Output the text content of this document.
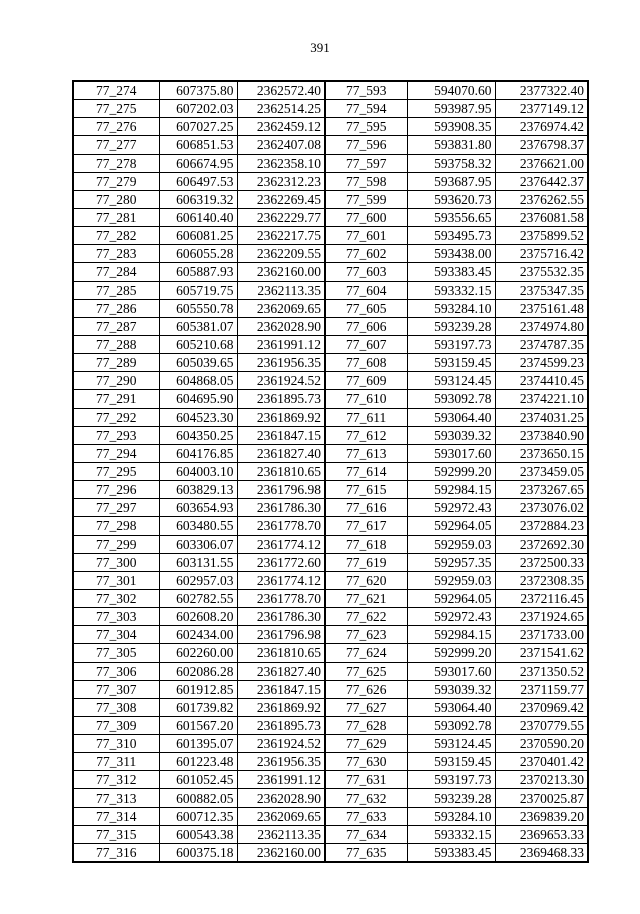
391
77_274	607375.80	2362572.40	77_593	594070.60	2377322.40
77_275	607202.03	2362514.25	77_594	593987.95	2377149.12
77_276	607027.25	2362459.12	77_595	593908.35	2376974.42
77_277	606851.53	2362407.08	77_596	593831.80	2376798.37
77_278	606674.95	2362358.10	77_597	593758.32	2376621.00
77_279	606497.53	2362312.23	77_598	593687.95	2376442.37
77_280	606319.32	2362269.45	77_599	593620.73	2376262.55
77_281	606140.40	2362229.77	77_600	593556.65	2376081.58
77_282	606081.25	2362217.75	77_601	593495.73	2375899.52
77_283	606055.28	2362209.55	77_602	593438.00	2375716.42
77_284	605887.93	2362160.00	77_603	593383.45	2375532.35
77_285	605719.75	2362113.35	77_604	593332.15	2375347.35
77_286	605550.78	2362069.65	77_605	593284.10	2375161.48
77_287	605381.07	2362028.90	77_606	593239.28	2374974.80
77_288	605210.68	2361991.12	77_607	593197.73	2374787.35
77_289	605039.65	2361956.35	77_608	593159.45	2374599.23
77_290	604868.05	2361924.52	77_609	593124.45	2374410.45
77_291	604695.90	2361895.73	77_610	593092.78	2374221.10
77_292	604523.30	2361869.92	77_611	593064.40	2374031.25
77_293	604350.25	2361847.15	77_612	593039.32	2373840.90
77_294	604176.85	2361827.40	77_613	593017.60	2373650.15
77_295	604003.10	2361810.65	77_614	592999.20	2373459.05
77_296	603829.13	2361796.98	77_615	592984.15	2373267.65
77_297	603654.93	2361786.30	77_616	592972.43	2373076.02
77_298	603480.55	2361778.70	77_617	592964.05	2372884.23
77_299	603306.07	2361774.12	77_618	592959.03	2372692.30
77_300	603131.55	2361772.60	77_619	592957.35	2372500.33
77_301	602957.03	2361774.12	77_620	592959.03	2372308.35
77_302	602782.55	2361778.70	77_621	592964.05	2372116.45
77_303	602608.20	2361786.30	77_622	592972.43	2371924.65
77_304	602434.00	2361796.98	77_623	592984.15	2371733.00
77_305	602260.00	2361810.65	77_624	592999.20	2371541.62
77_306	602086.28	2361827.40	77_625	593017.60	2371350.52
77_307	601912.85	2361847.15	77_626	593039.32	2371159.77
77_308	601739.82	2361869.92	77_627	593064.40	2370969.42
77_309	601567.20	2361895.73	77_628	593092.78	2370779.55
77_310	601395.07	2361924.52	77_629	593124.45	2370590.20
77_311	601223.48	2361956.35	77_630	593159.45	2370401.42
77_312	601052.45	2361991.12	77_631	593197.73	2370213.30
77_313	600882.05	2362028.90	77_632	593239.28	2370025.87
77_314	600712.35	2362069.65	77_633	593284.10	2369839.20
77_315	600543.38	2362113.35	77_634	593332.15	2369653.33
77_316	600375.18	2362160.00	77_635	593383.45	2369468.33
